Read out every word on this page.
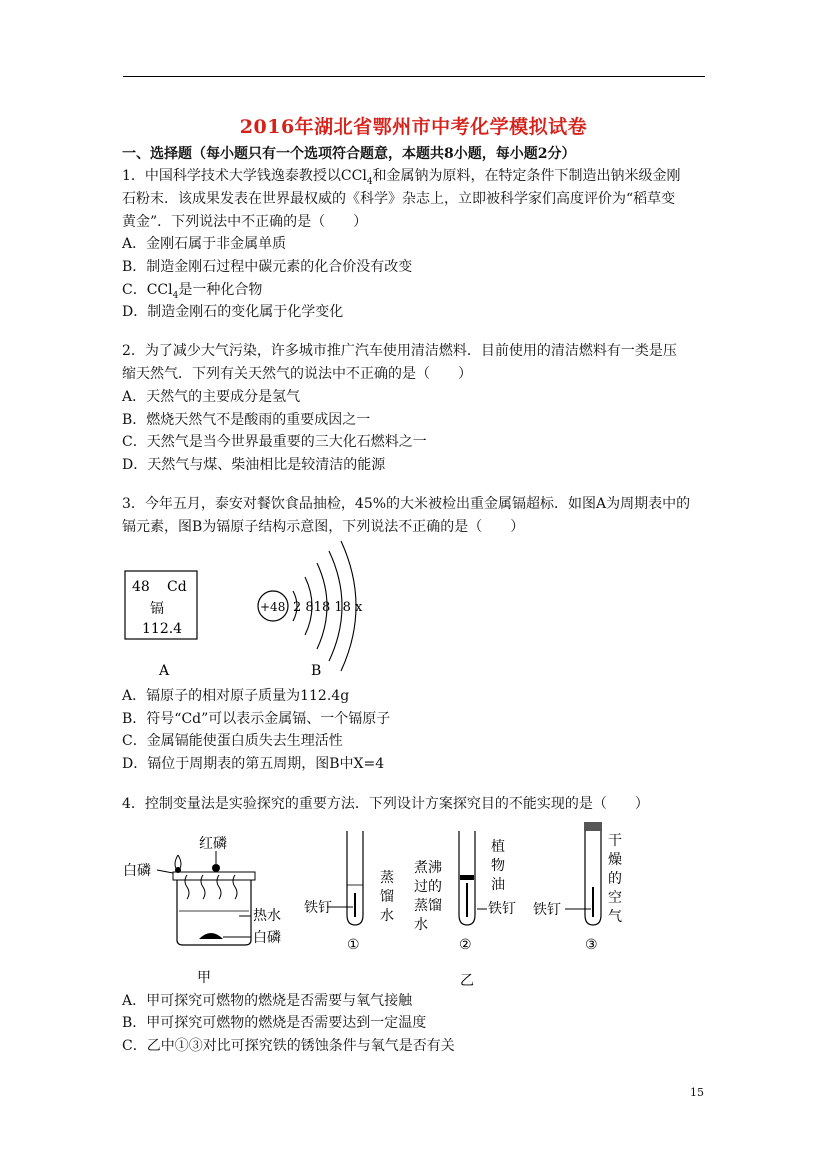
2016年湖北省鄂州市中考化学模拟试卷
一、选择题（每小题只有一个选项符合题意，本题共8小题，每小题2分）
1．中国科学技术大学钱逸泰教授以CCl$_4$和金属钠为原料，在特定条件下制造出钠米级金刚
石粉末．该成果发表在世界最权威的《科学》杂志上，立即被科学家们高度评价为“稻草变
黄金”．下列说法中不正确的是（　　）
A．金刚石属于非金属单质
B．制造金刚石过程中碳元素的化合价没有改变
C．CCl$_4$是一种化合物
D．制造金刚石的变化属于化学变化
2．为了减少大气污染，许多城市推广汽车使用清洁燃料．目前使用的清洁燃料有一类是压
缩天然气．下列有关天然气的说法中不正确的是（　　）
A．天然气的主要成分是氢气
B．燃烧天然气不是酸雨的重要成因之一
C．天然气是当今世界最重要的三大化石燃料之一
D．天然气与煤、柴油相比是较清洁的能源
3．今年五月，泰安对餐饮食品抽检，45%的大米被检出重金属镉超标．如图A为周期表中的
镉元素，图B为镉原子结构示意图，下列说法不正确的是（　　）
48 Cd
镉
112.4
A
+48 2 818 18 x
B
A．镉原子的相对原子质量为112.4g
B．符号“Cd”可以表示金属镉、一个镉原子
C．金属镉能使蛋白质失去生理活性
D．镉位于周期表的第五周期，图B中X=4
4．控制变量法是实验探究的重要方法．下列设计方案探究目的不能实现的是（　　）
红磷
白磷
热水
白磷
甲
铁钉
蒸
馏
水
①
煮沸
过的
蒸馏
水
植
物
油
铁钉
②
铁钉
干
燥
的
空
气
③
乙
A．甲可探究可燃物的燃烧是否需要与氧气接触
B．甲可探究可燃物的燃烧是否需要达到一定温度
C．乙中①③对比可探究铁的锈蚀条件与氧气是否有关
15
